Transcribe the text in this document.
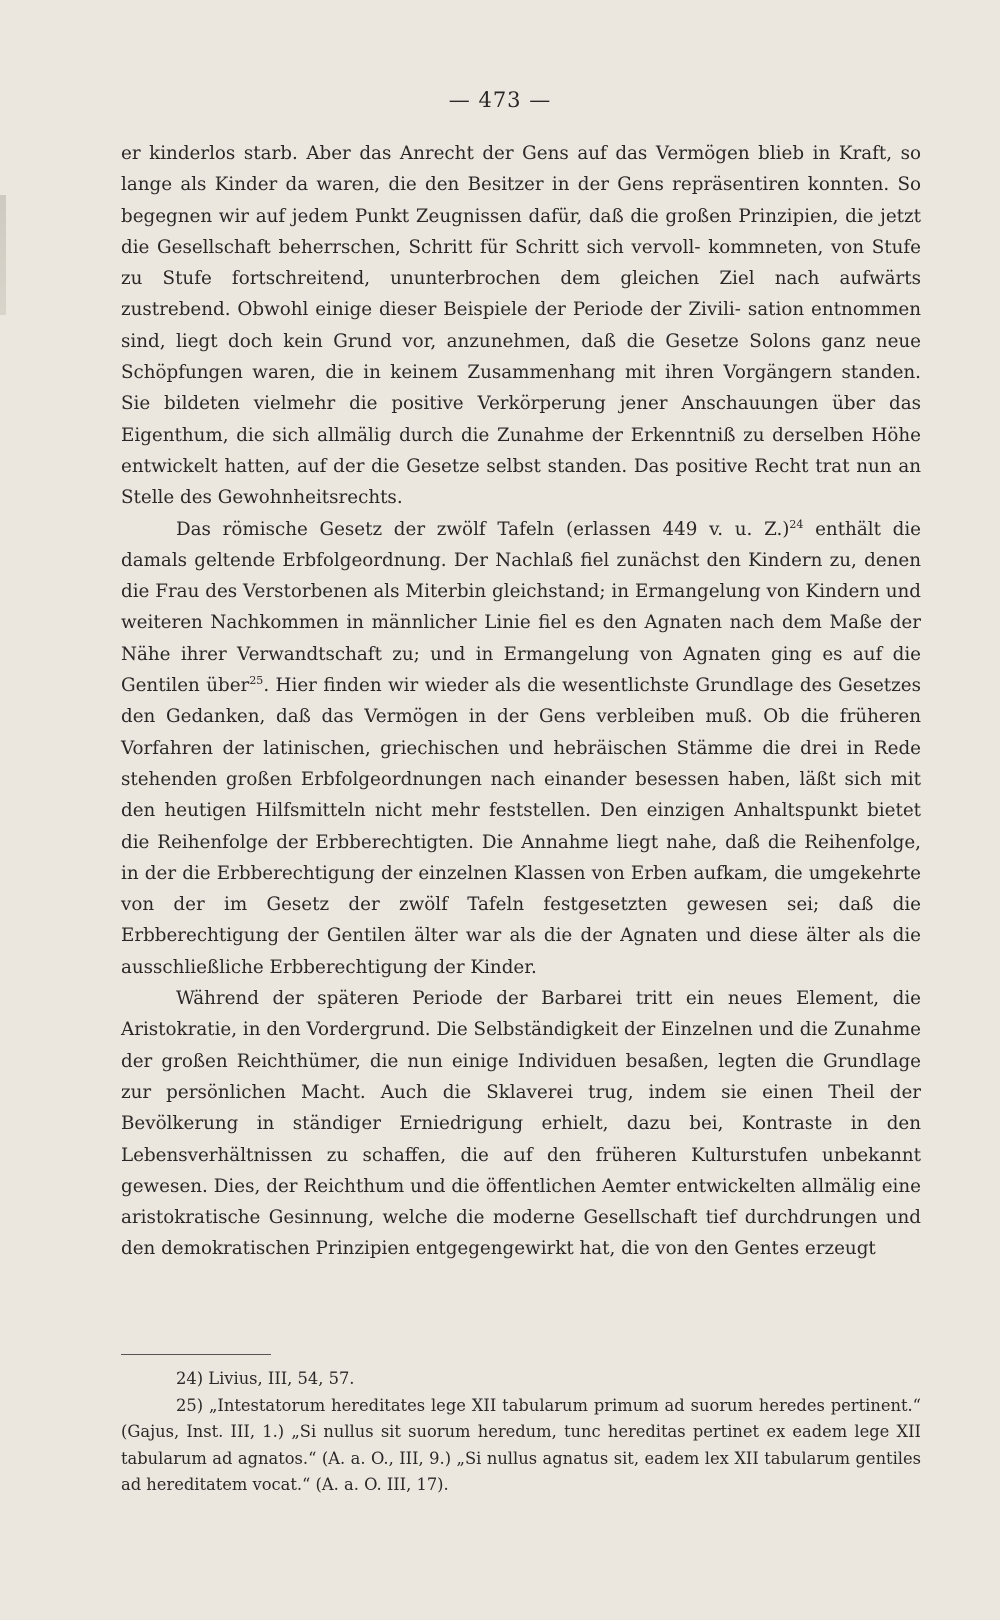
— 473 —

er kinderlos starb. Aber das Anrecht der Gens auf das Vermögen blieb in Kraft, so lange als Kinder da waren, die den Besitzer in der Gens repräsentiren konnten. So begegnen wir auf jedem Punkt Zeugnissen dafür, daß die großen Prinzipien, die jetzt die Gesellschaft beherrschen, Schritt für Schritt sich vervoll- kommneten, von Stufe zu Stufe fortschreitend, ununterbrochen dem gleichen Ziel nach aufwärts zustrebend. Obwohl einige dieser Beispiele der Periode der Zivili- sation entnommen sind, liegt doch kein Grund vor, anzunehmen, daß die Gesetze Solons ganz neue Schöpfungen waren, die in keinem Zusammenhang mit ihren Vorgängern standen. Sie bildeten vielmehr die positive Verkörperung jener Anschauungen über das Eigenthum, die sich allmälig durch die Zunahme der Erkenntniß zu derselben Höhe entwickelt hatten, auf der die Gesetze selbst standen. Das positive Recht trat nun an Stelle des Gewohnheitsrechts.

Das römische Gesetz der zwölf Tafeln (erlassen 449 v. u. Z.)$^{24}$ enthält die damals geltende Erbfolgeordnung. Der Nachlaß fiel zunächst den Kindern zu, denen die Frau des Verstorbenen als Miterbin gleichstand; in Ermangelung von Kindern und weiteren Nachkommen in männlicher Linie fiel es den Agnaten nach dem Maße der Nähe ihrer Verwandtschaft zu; und in Ermangelung von Agnaten ging es auf die Gentilen über$^{25}$. Hier finden wir wieder als die wesentlichste Grundlage des Gesetzes den Gedanken, daß das Vermögen in der Gens verbleiben muß. Ob die früheren Vorfahren der latinischen, griechischen und hebräischen Stämme die drei in Rede stehenden großen Erbfolgeordnungen nach einander besessen haben, läßt sich mit den heutigen Hilfsmitteln nicht mehr feststellen. Den einzigen Anhaltspunkt bietet die Reihenfolge der Erbberechtigten. Die Annahme liegt nahe, daß die Reihenfolge, in der die Erbberechtigung der einzelnen Klassen von Erben aufkam, die umgekehrte von der im Gesetz der zwölf Tafeln festgesetzten gewesen sei; daß die Erbberechtigung der Gentilen älter war als die der Agnaten und diese älter als die ausschließliche Erbberechtigung der Kinder.

Während der späteren Periode der Barbarei tritt ein neues Element, die Aristokratie, in den Vordergrund. Die Selbständigkeit der Einzelnen und die Zunahme der großen Reichthümer, die nun einige Individuen besaßen, legten die Grundlage zur persönlichen Macht. Auch die Sklaverei trug, indem sie einen Theil der Bevölkerung in ständiger Erniedrigung erhielt, dazu bei, Kontraste in den Lebensverhältnissen zu schaffen, die auf den früheren Kulturstufen unbekannt gewesen. Dies, der Reichthum und die öffentlichen Aemter entwickelten allmälig eine aristokratische Gesinnung, welche die moderne Gesellschaft tief durchdrungen und den demokratischen Prinzipien entgegengewirkt hat, die von den Gentes erzeugt

24) Livius, III, 54, 57.

25) „Intestatorum hereditates lege XII tabularum primum ad suorum heredes pertinent.“ (Gajus, Inst. III, 1.) „Si nullus sit suorum heredum, tunc hereditas pertinet ex eadem lege XII tabularum ad agnatos.“ (A. a. O., III, 9.) „Si nullus agnatus sit, eadem lex XII tabularum gentiles ad hereditatem vocat.“ (A. a. O. III, 17).
